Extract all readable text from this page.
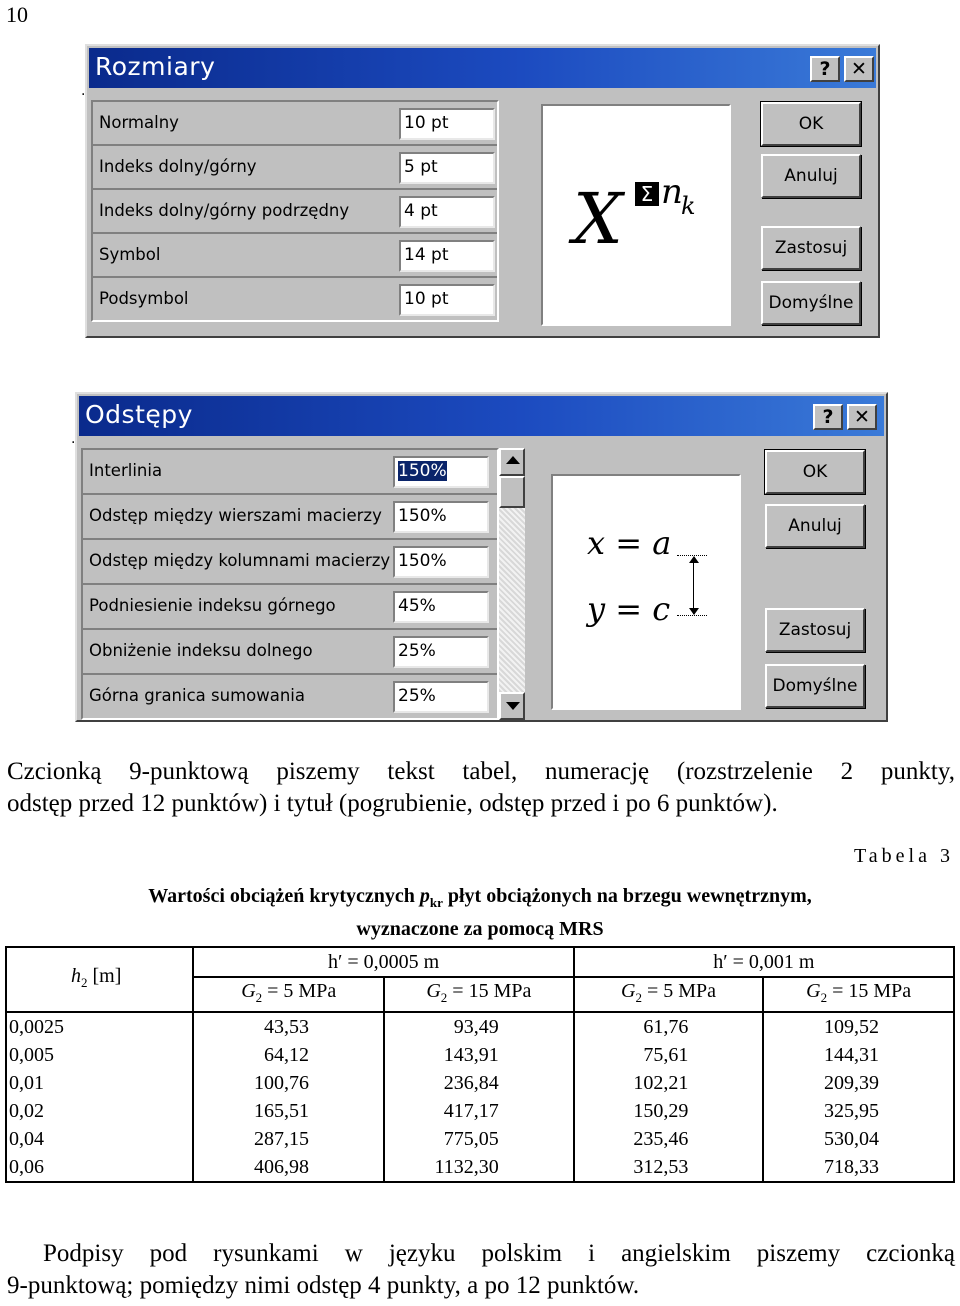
10
Rozmiary	?	✕
.
Normalny	10 pt
Indeks dolny/górny	5 pt
Indeks dolny/górny podrzędny	4 pt
Symbol	14 pt
Podsymbol	10 pt
X Σ n
k
OK
Anuluj
Zastosuj
Domyślne
Odstępy	?	✕
.
Interlinia	150%
Odstęp między wierszami macierzy 150%
Odstęp między kolumnami macierzy 150%
Podniesienie indeksu górnego	45%
Obniżenie indeksu dolnego	25%
Górna granica sumowania	25%
x = a
y = c
OK
Anuluj
Zastosuj
Domyślne
Czcionką 9-punktową piszemy tekst tabel, numerację (rozstrzelenie 2 punkty,
odstęp przed 12 punktów) i tytuł (pogrubienie, odstęp przed i po 6 punktów).
Tabela 3
Wartości obciążeń krytycznych $p_{kr}$ płyt obciążonych na brzegu wewnętrznym,
wyznaczone za pomocą MRS
$h_2$ [m]	h′ = 0,0005 m		h′ = 0,001 m	
	$G_2 = 5$ MPa	$G_2 = 15$ MPa	$G_2 = 5$ MPa	$G_2 = 15$ MPa
0,0025	43,53	93,49	61,76	109,52
0,005	64,12	143,91	75,61	144,31
0,01	100,76	236,84	102,21	209,39
0,02	165,51	417,17	150,29	325,95
0,04	287,15	775,05	235,46	530,04
0,06	406,98	1132,30	312,53	718,33
Podpisy pod rysunkami w języku polskim i angielskim piszemy czcionką
9-punktową; pomiędzy nimi odstęp 4 punkty, a po 12 punktów.
